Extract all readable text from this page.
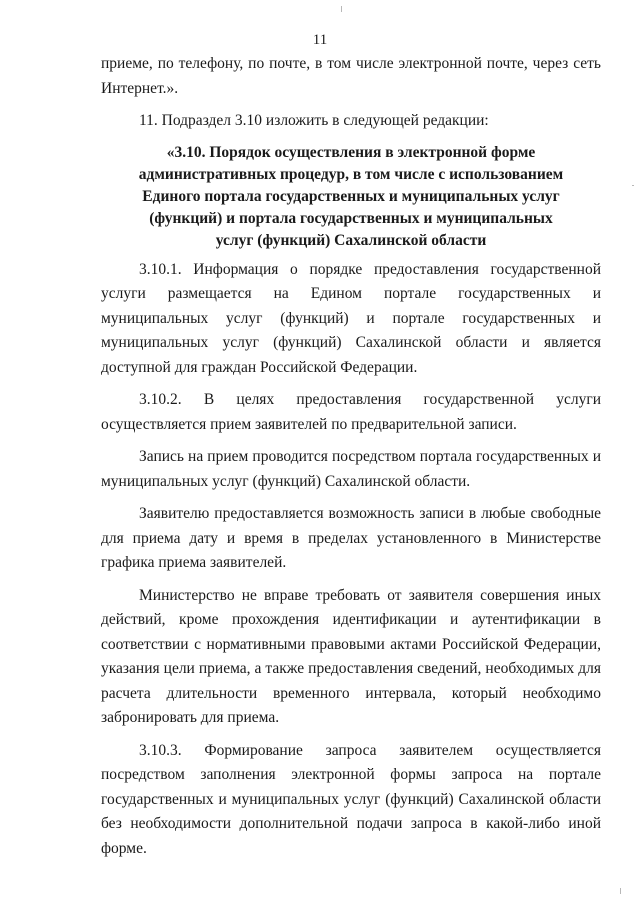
11

приеме, по телефону, по почте, в том числе электронной почте, через сеть Интернет.».

11. Подраздел 3.10 изложить в следующей редакции:

«3.10. Порядок осуществления в электронной форме
административных процедур, в том числе с использованием
Единого портала государственных и муниципальных услуг
(функций) и портала государственных и муниципальных
услуг (функций) Сахалинской области

3.10.1. Информация о порядке предоставления государственной услуги размещается на Едином портале государственных и муниципальных услуг (функций) и портале государственных и муниципальных услуг (функций) Сахалинской области и является доступной для граждан Российской Федерации.

3.10.2. В целях предоставления государственной услуги осуществляется прием заявителей по предварительной записи.

Запись на прием проводится посредством портала государственных и муниципальных услуг (функций) Сахалинской области.

Заявителю предоставляется возможность записи в любые свободные для приема дату и время в пределах установленного в Министерстве графика приема заявителей.

Министерство не вправе требовать от заявителя совершения иных действий, кроме прохождения идентификации и аутентификации в соответствии с нормативными правовыми актами Российской Федерации, указания цели приема, а также предоставления сведений, необходимых для расчета длительности временного интервала, который необходимо забронировать для приема.

3.10.3. Формирование запроса заявителем осуществляется посредством заполнения электронной формы запроса на портале государственных и муниципальных услуг (функций) Сахалинской области без необходимости дополнительной подачи запроса в какой-либо иной форме.
